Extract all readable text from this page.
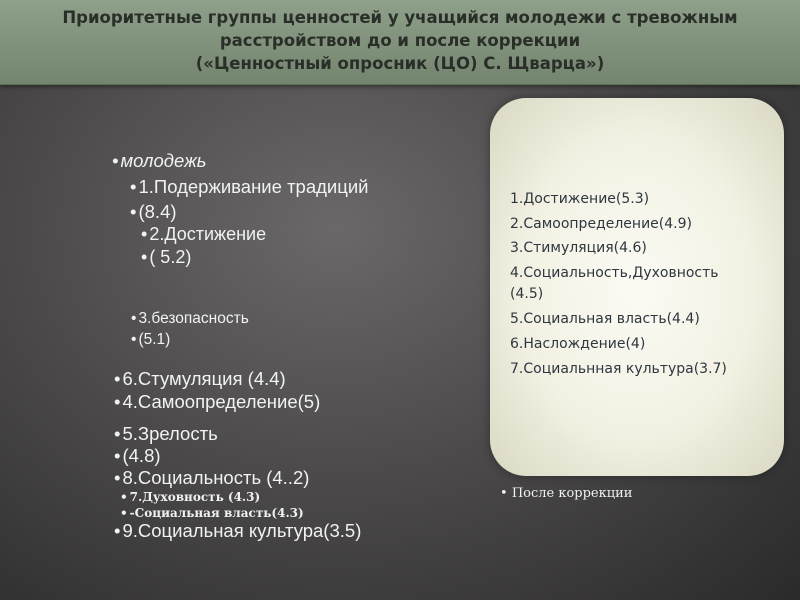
Приоритетные группы ценностей у учащийся молодежи с тревожным
расстройством до и после коррекции
(«Ценностный опросник (ЦО) С. Щварца»)
• молодежь
• 1.Подерживание традиций
• (8.4)
• 2.Достижение
• ( 5.2)
• 3.безопасность
• (5.1)
• 6.Стумуляция (4.4)
• 4.Самоопределение(5)
• 5.Зрелость
• (4.8)
• 8.Социальность (4..2)
• 7.Духовность (4.3)
• -Социальная власть(4.3)
• 9.Социальная культура(3.5)
1.Достижение(5.3)
2.Самоопределение(4.9)
3.Стимуляция(4.6)
4.Социальность,Духовность
(4.5)
5.Социальная власть(4.4)
6.Наслождение(4)
7.Социальнная культура(3.7)
• После коррекции
